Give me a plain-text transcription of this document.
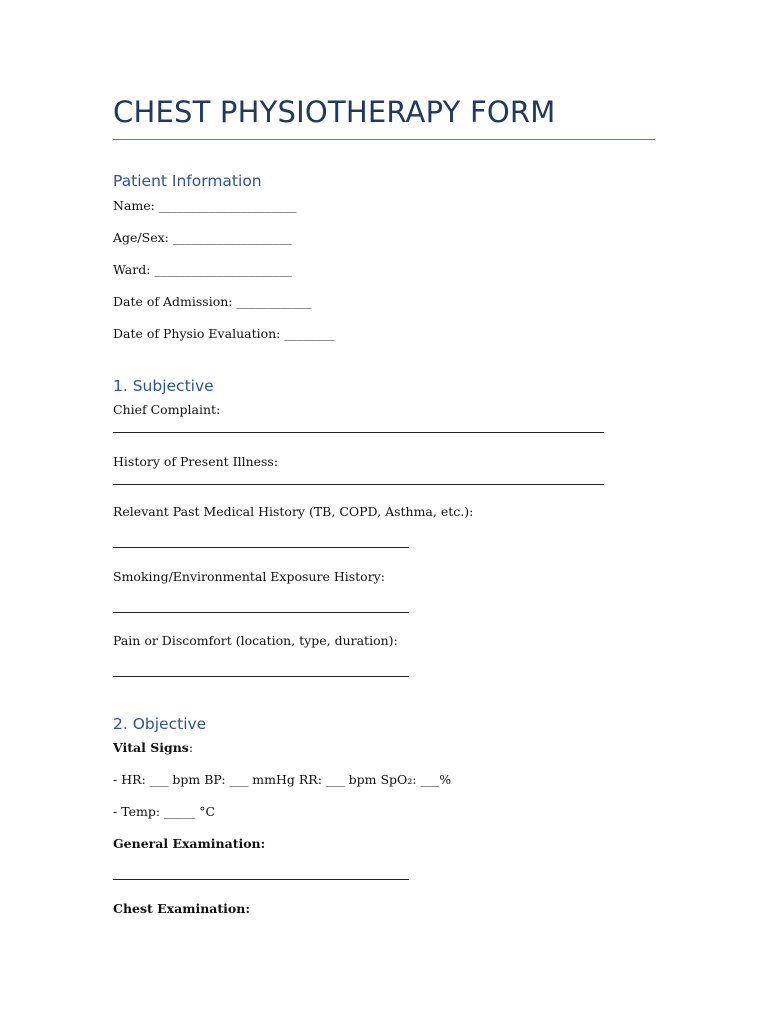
CHEST PHYSIOTHERAPY FORM
Patient Information
Name: ______________________
Age/Sex: ___________________
Ward: ______________________
Date of Admission: ____________
Date of Physio Evaluation: ________
1. Subjective
Chief Complaint:
History of Present Illness:
Relevant Past Medical History (TB, COPD, Asthma, etc.):
Smoking/Environmental Exposure History:
Pain or Discomfort (location, type, duration):
2. Objective
Vital Signs:
- HR: ___ bpm BP: ___ mmHg RR: ___ bpm SpO₂: ___%
- Temp: _____ °C
General Examination:
Chest Examination:
